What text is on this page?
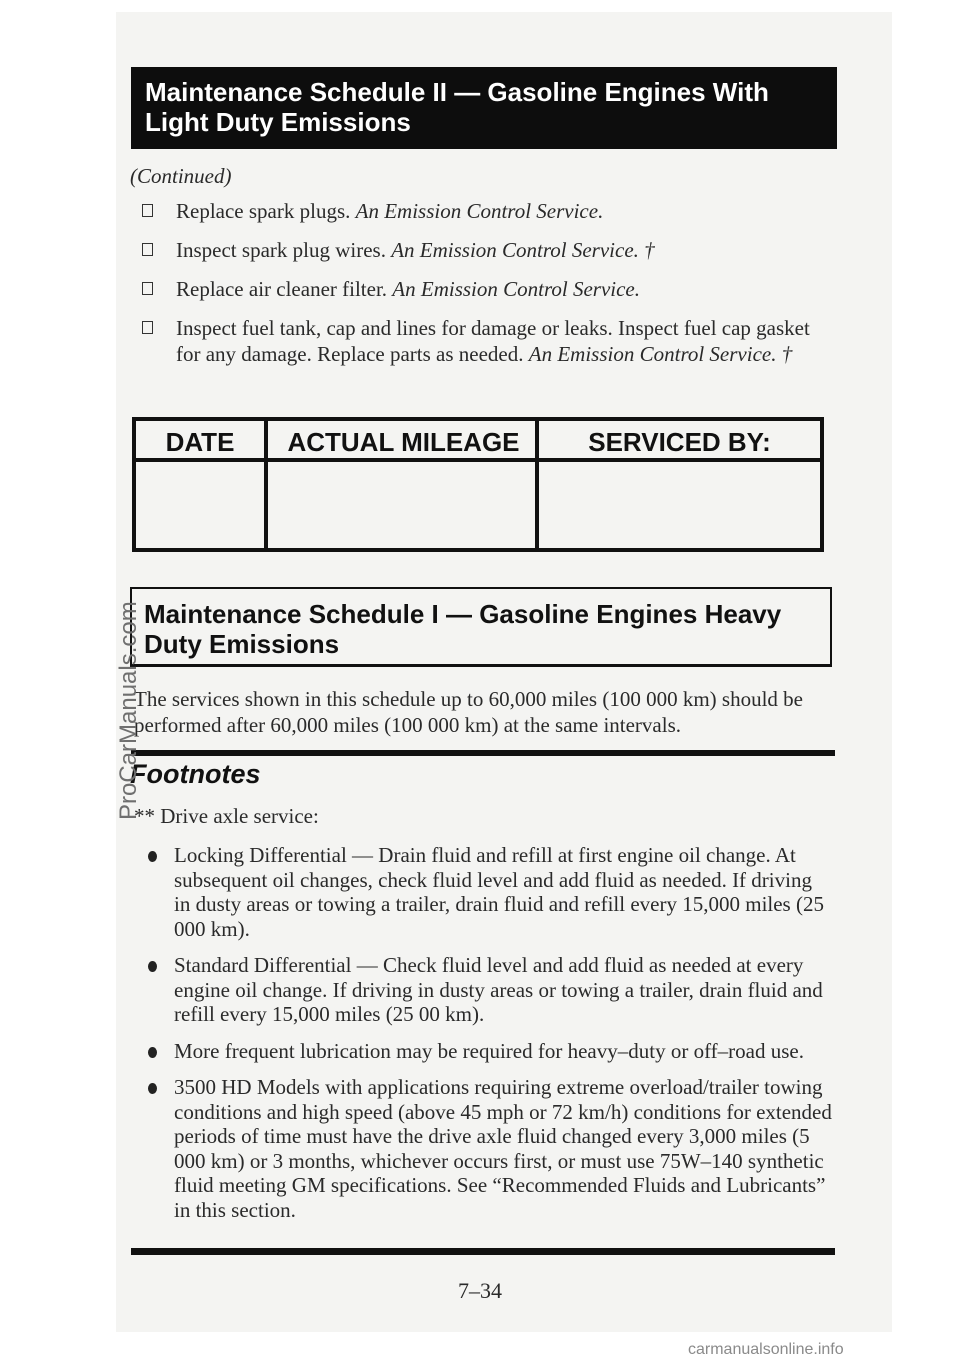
Maintenance Schedule II — Gasoline Engines With
Light Duty Emissions
(Continued)
Replace spark plugs. An Emission Control Service.
Inspect spark plug wires. An Emission Control Service. †
Replace air cleaner filter. An Emission Control Service.
Inspect fuel tank, cap and lines for damage or leaks. Inspect fuel cap gasket for any damage. Replace parts as needed. An Emission Control Service. †
DATE	ACTUAL MILEAGE	SERVICED BY:
Maintenance Schedule I — Gasoline Engines Heavy
Duty Emissions
The services shown in this schedule up to 60,000 miles (100 000 km) should be performed after 60,000 miles (100 000 km) at the same intervals.
Footnotes
** Drive axle service:
Locking Differential — Drain fluid and refill at first engine oil change. At subsequent oil changes, check fluid level and add fluid as needed. If driving in dusty areas or towing a trailer, drain fluid and refill every 15,000 miles (25 000 km).
Standard Differential — Check fluid level and add fluid as needed at every engine oil change. If driving in dusty areas or towing a trailer, drain fluid and refill every 15,000 miles (25 00 km).
More frequent lubrication may be required for heavy–duty or off–road use.
3500 HD Models with applications requiring extreme overload/trailer towing conditions and high speed (above 45 mph or 72 km/h) conditions for extended periods of time must have the drive axle fluid changed every 3,000 miles (5 000 km) or 3 months, whichever occurs first, or must use 75W–140 synthetic fluid meeting GM specifications. See “Recommended Fluids and Lubricants” in this section.
7–34
ProCarManuals.com
carmanualsonline.info
